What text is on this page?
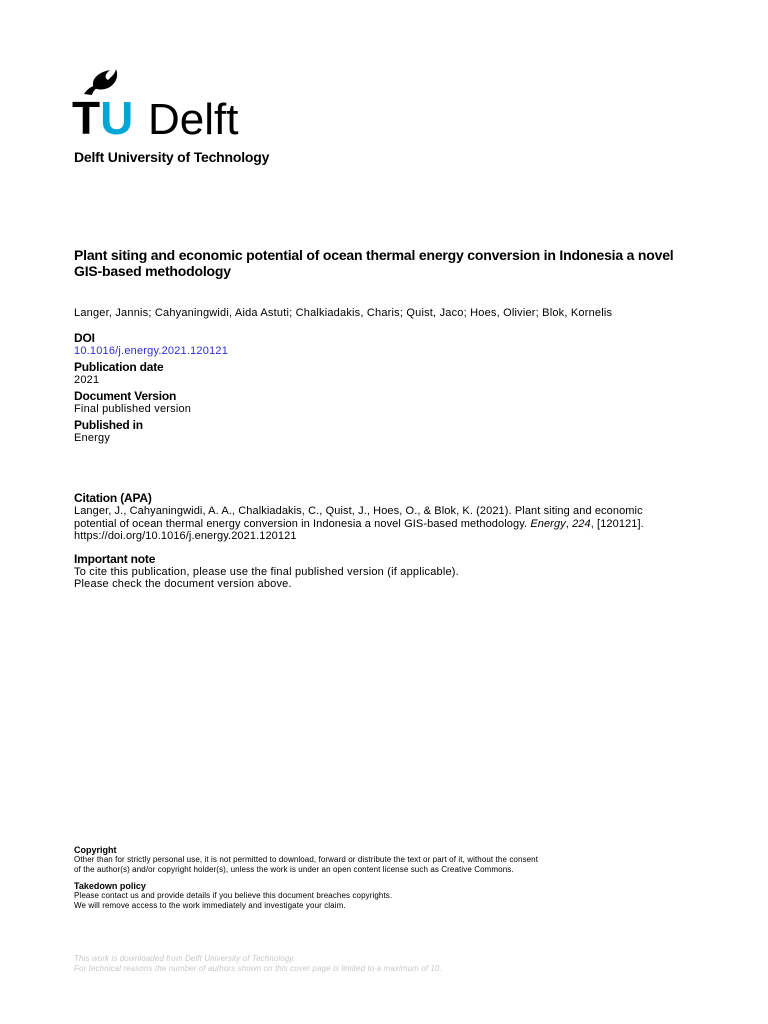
TU Delft
Delft University of Technology
Plant siting and economic potential of ocean thermal energy conversion in Indonesia a novel GIS-based methodology
Langer, Jannis; Cahyaningwidi, Aida Astuti; Chalkiadakis, Charis; Quist, Jaco; Hoes, Olivier; Blok, Kornelis
DOI
10.1016/j.energy.2021.120121
Publication date
2021
Document Version
Final published version
Published in
Energy
Citation (APA)
Langer, J., Cahyaningwidi, A. A., Chalkiadakis, C., Quist, J., Hoes, O., & Blok, K. (2021). Plant siting and economic potential of ocean thermal energy conversion in Indonesia a novel GIS-based methodology. Energy, 224, [120121]. https://doi.org/10.1016/j.energy.2021.120121
Important note
To cite this publication, please use the final published version (if applicable).
Please check the document version above.
Copyright
Other than for strictly personal use, it is not permitted to download, forward or distribute the text or part of it, without the consent
of the author(s) and/or copyright holder(s), unless the work is under an open content license such as Creative Commons.
Takedown policy
Please contact us and provide details if you believe this document breaches copyrights.
We will remove access to the work immediately and investigate your claim.
This work is downloaded from Delft University of Technology.
For technical reasons the number of authors shown on this cover page is limited to a maximum of 10.
